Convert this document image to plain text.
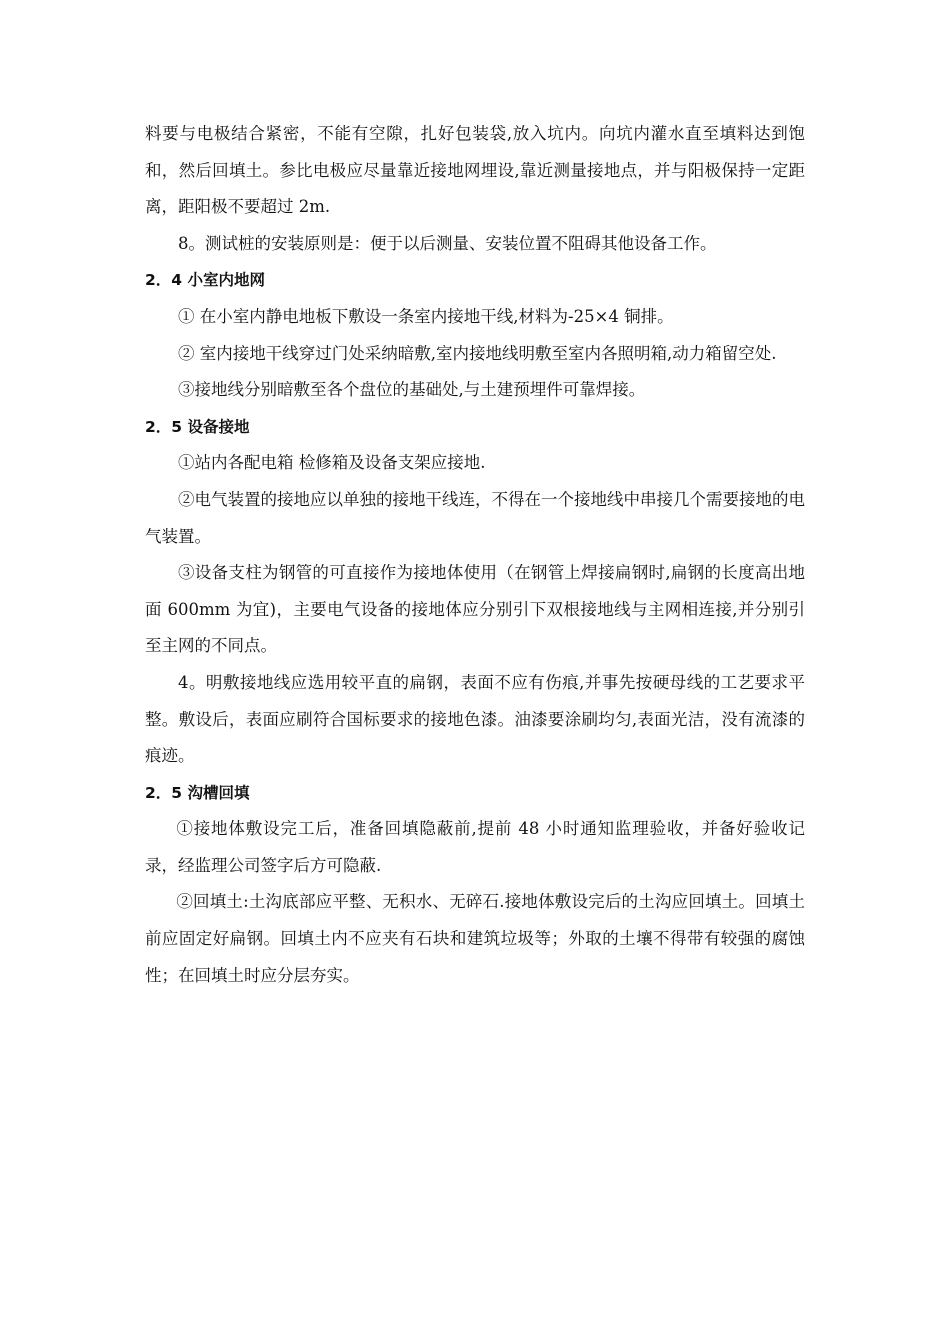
料要与电极结合紧密，不能有空隙，扎好包装袋,放入坑内。向坑内灌水直至填料达到饱和，然后回填土。参比电极应尽量靠近接地网埋设,靠近测量接地点，并与阳极保持一定距离，距阳极不要超过 2m.

8。测试桩的安装原则是：便于以后测量、安装位置不阻碍其他设备工作。

2．4 小室内地网

① 在小室内静电地板下敷设一条室内接地干线,材料为-25×4 铜排。

② 室内接地干线穿过门处采纳暗敷,室内接地线明敷至室内各照明箱,动力箱留空处.

③接地线分别暗敷至各个盘位的基础处,与土建预埋件可靠焊接。

2．5 设备接地

①站内各配电箱 检修箱及设备支架应接地.

②电气装置的接地应以单独的接地干线连，不得在一个接地线中串接几个需要接地的电气装置。

③设备支柱为钢管的可直接作为接地体使用（在钢管上焊接扁钢时,扁钢的长度高出地面 600mm 为宜)，主要电气设备的接地体应分别引下双根接地线与主网相连接,并分别引至主网的不同点。

4。明敷接地线应选用较平直的扁钢，表面不应有伤痕,并事先按硬母线的工艺要求平整。敷设后，表面应刷符合国标要求的接地色漆。油漆要涂刷均匀,表面光洁，没有流漆的痕迹。

2．5 沟槽回填

①接地体敷设完工后，准备回填隐蔽前,提前 48 小时通知监理验收，并备好验收记录，经监理公司签字后方可隐蔽.

②回填土:土沟底部应平整、无积水、无碎石.接地体敷设完后的土沟应回填土。回填土前应固定好扁钢。回填土内不应夹有石块和建筑垃圾等；外取的土壤不得带有较强的腐蚀性；在回填土时应分层夯实。
